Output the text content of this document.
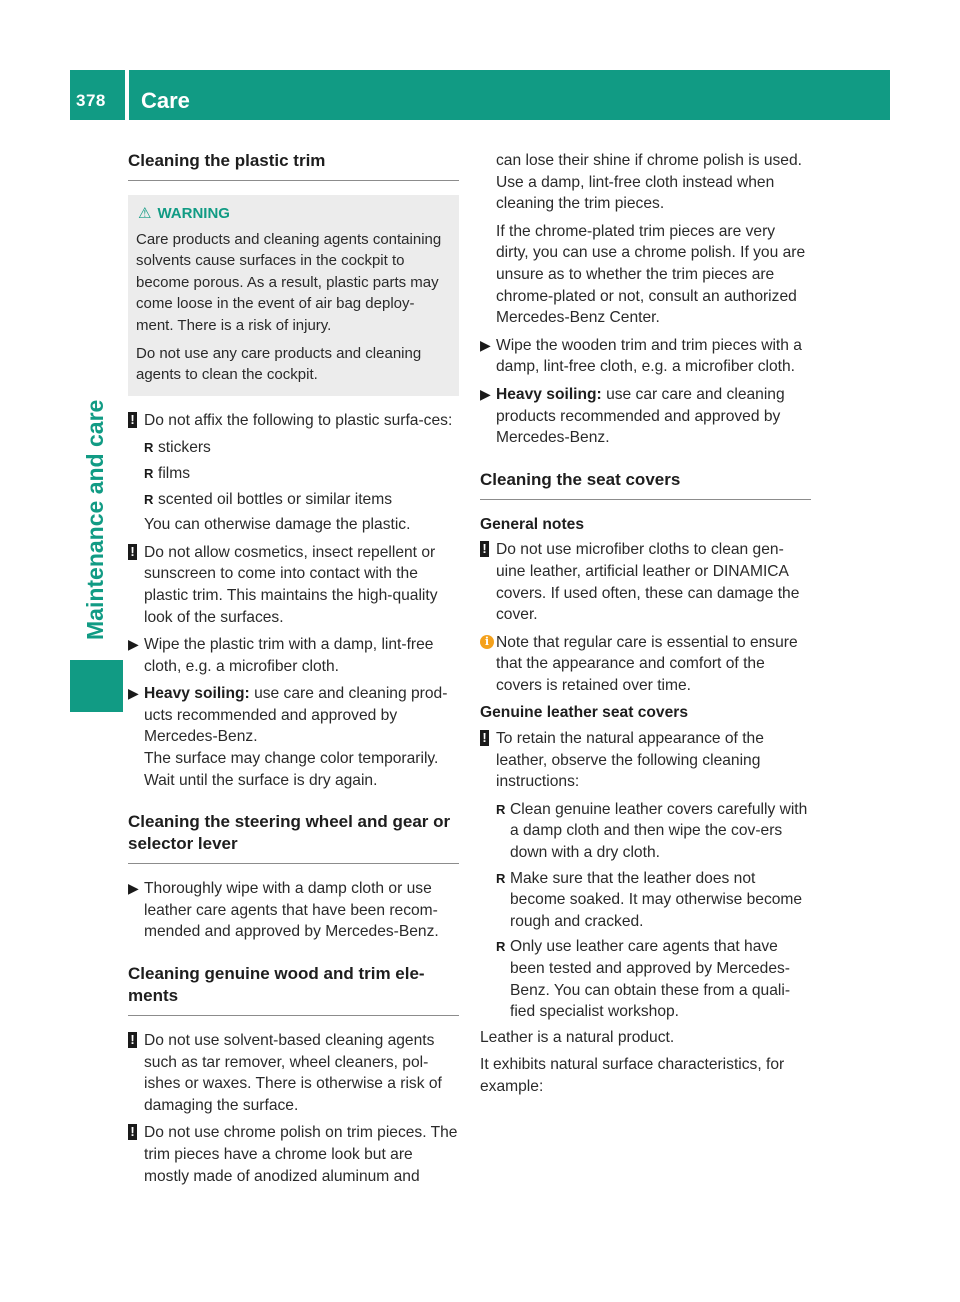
378 Care
Maintenance and care
Cleaning the plastic trim
⚠ WARNING

Care products and cleaning agents containing solvents cause surfaces in the cockpit to become porous. As a result, plastic parts may come loose in the event of air bag deploy-ment. There is a risk of injury.

Do not use any care products and cleaning agents to clean the cockpit.

! Do not affix the following to plastic surfa-ces:
R stickers
R films
R scented oil bottles or similar items
You can otherwise damage the plastic.
! Do not allow cosmetics, insect repellent or sunscreen to come into contact with the plastic trim. This maintains the high-quality look of the surfaces.
▶ Wipe the plastic trim with a damp, lint-free cloth, e.g. a microfiber cloth.
▶ Heavy soiling: use care and cleaning prod-ucts recommended and approved by Mercedes-Benz.
The surface may change color temporarily.
Wait until the surface is dry again.
Cleaning the steering wheel and gear or selector lever
▶ Thoroughly wipe with a damp cloth or use leather care agents that have been recom-mended and approved by Mercedes-Benz.
Cleaning genuine wood and trim ele-ments
! Do not use solvent-based cleaning agents such as tar remover, wheel cleaners, pol-ishes or waxes. There is otherwise a risk of damaging the surface.
! Do not use chrome polish on trim pieces. The trim pieces have a chrome look but are mostly made of anodized aluminum and
can lose their shine if chrome polish is used. Use a damp, lint-free cloth instead when cleaning the trim pieces.
If the chrome-plated trim pieces are very dirty, you can use a chrome polish. If you are unsure as to whether the trim pieces are chrome-plated or not, consult an authorized Mercedes-Benz Center.
▶ Wipe the wooden trim and trim pieces with a damp, lint-free cloth, e.g. a microfiber cloth.
▶ Heavy soiling: use car care and cleaning products recommended and approved by Mercedes-Benz.
Cleaning the seat covers
General notes
! Do not use microfiber cloths to clean gen-uine leather, artificial leather or DINAMICA covers. If used often, these can damage the cover.
i Note that regular care is essential to ensure that the appearance and comfort of the covers is retained over time.
Genuine leather seat covers
! To retain the natural appearance of the leather, observe the following cleaning instructions:
R Clean genuine leather covers carefully with a damp cloth and then wipe the cov-ers down with a dry cloth.
R Make sure that the leather does not become soaked. It may otherwise become rough and cracked.
R Only use leather care agents that have been tested and approved by Mercedes-Benz. You can obtain these from a quali-fied specialist workshop.
Leather is a natural product.
It exhibits natural surface characteristics, for example:
